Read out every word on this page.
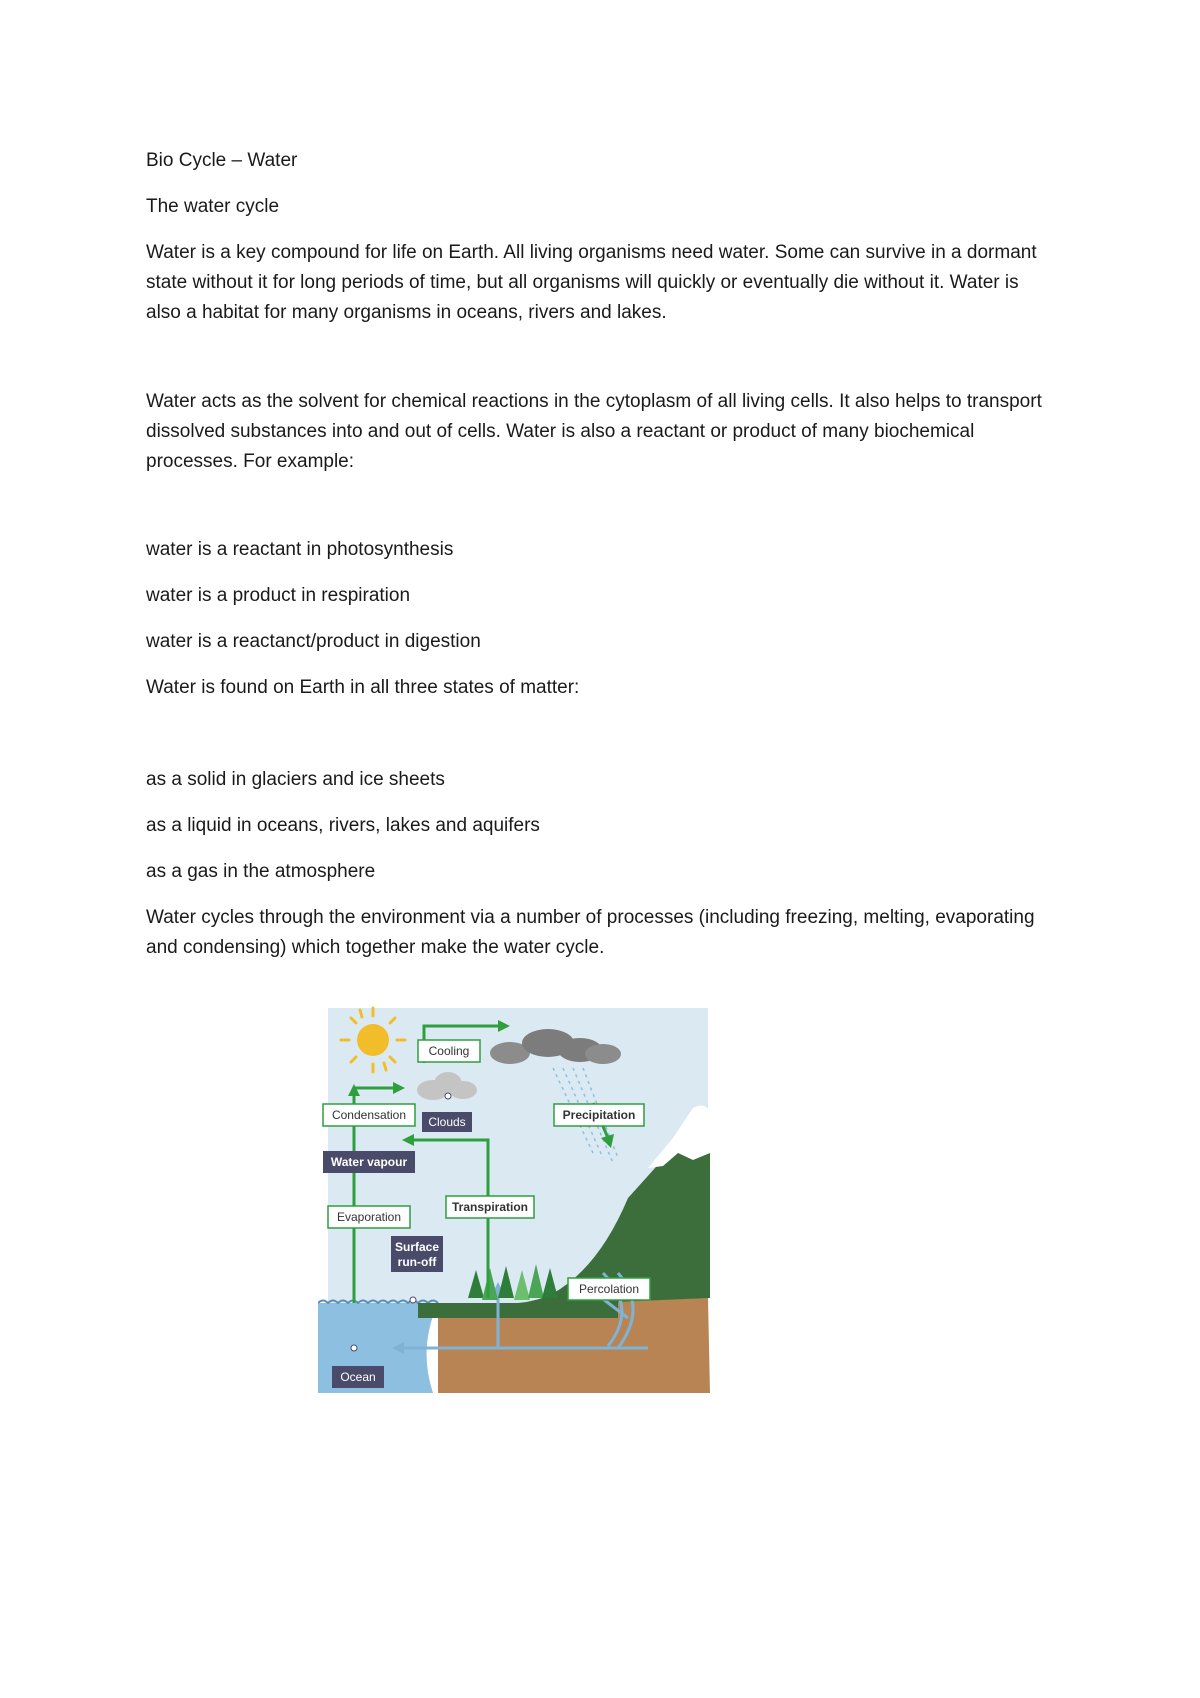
Bio Cycle – Water

The water cycle

Water is a key compound for life on Earth. All living organisms need water. Some can survive in a dormant state without it for long periods of time, but all organisms will quickly or eventually die without it. Water is also a habitat for many organisms in oceans, rivers and lakes.

Water acts as the solvent for chemical reactions in the cytoplasm of all living cells. It also helps to transport dissolved substances into and out of cells. Water is also a reactant or product of many biochemical processes. For example:

water is a reactant in photosynthesis

water is a product in respiration

water is a reactanct/product in digestion

Water is found on Earth in all three states of matter:

as a solid in glaciers and ice sheets

as a liquid in oceans, rivers, lakes and aquifers

as a gas in the atmosphere

Water cycles through the environment via a number of processes (including freezing, melting, evaporating and condensing) which together make the water cycle.

Cooling
Condensation	Precipitation
Evaporation
Transpiration
Percolation
Clouds
Water vapour
Surface
run-off
Ocean
